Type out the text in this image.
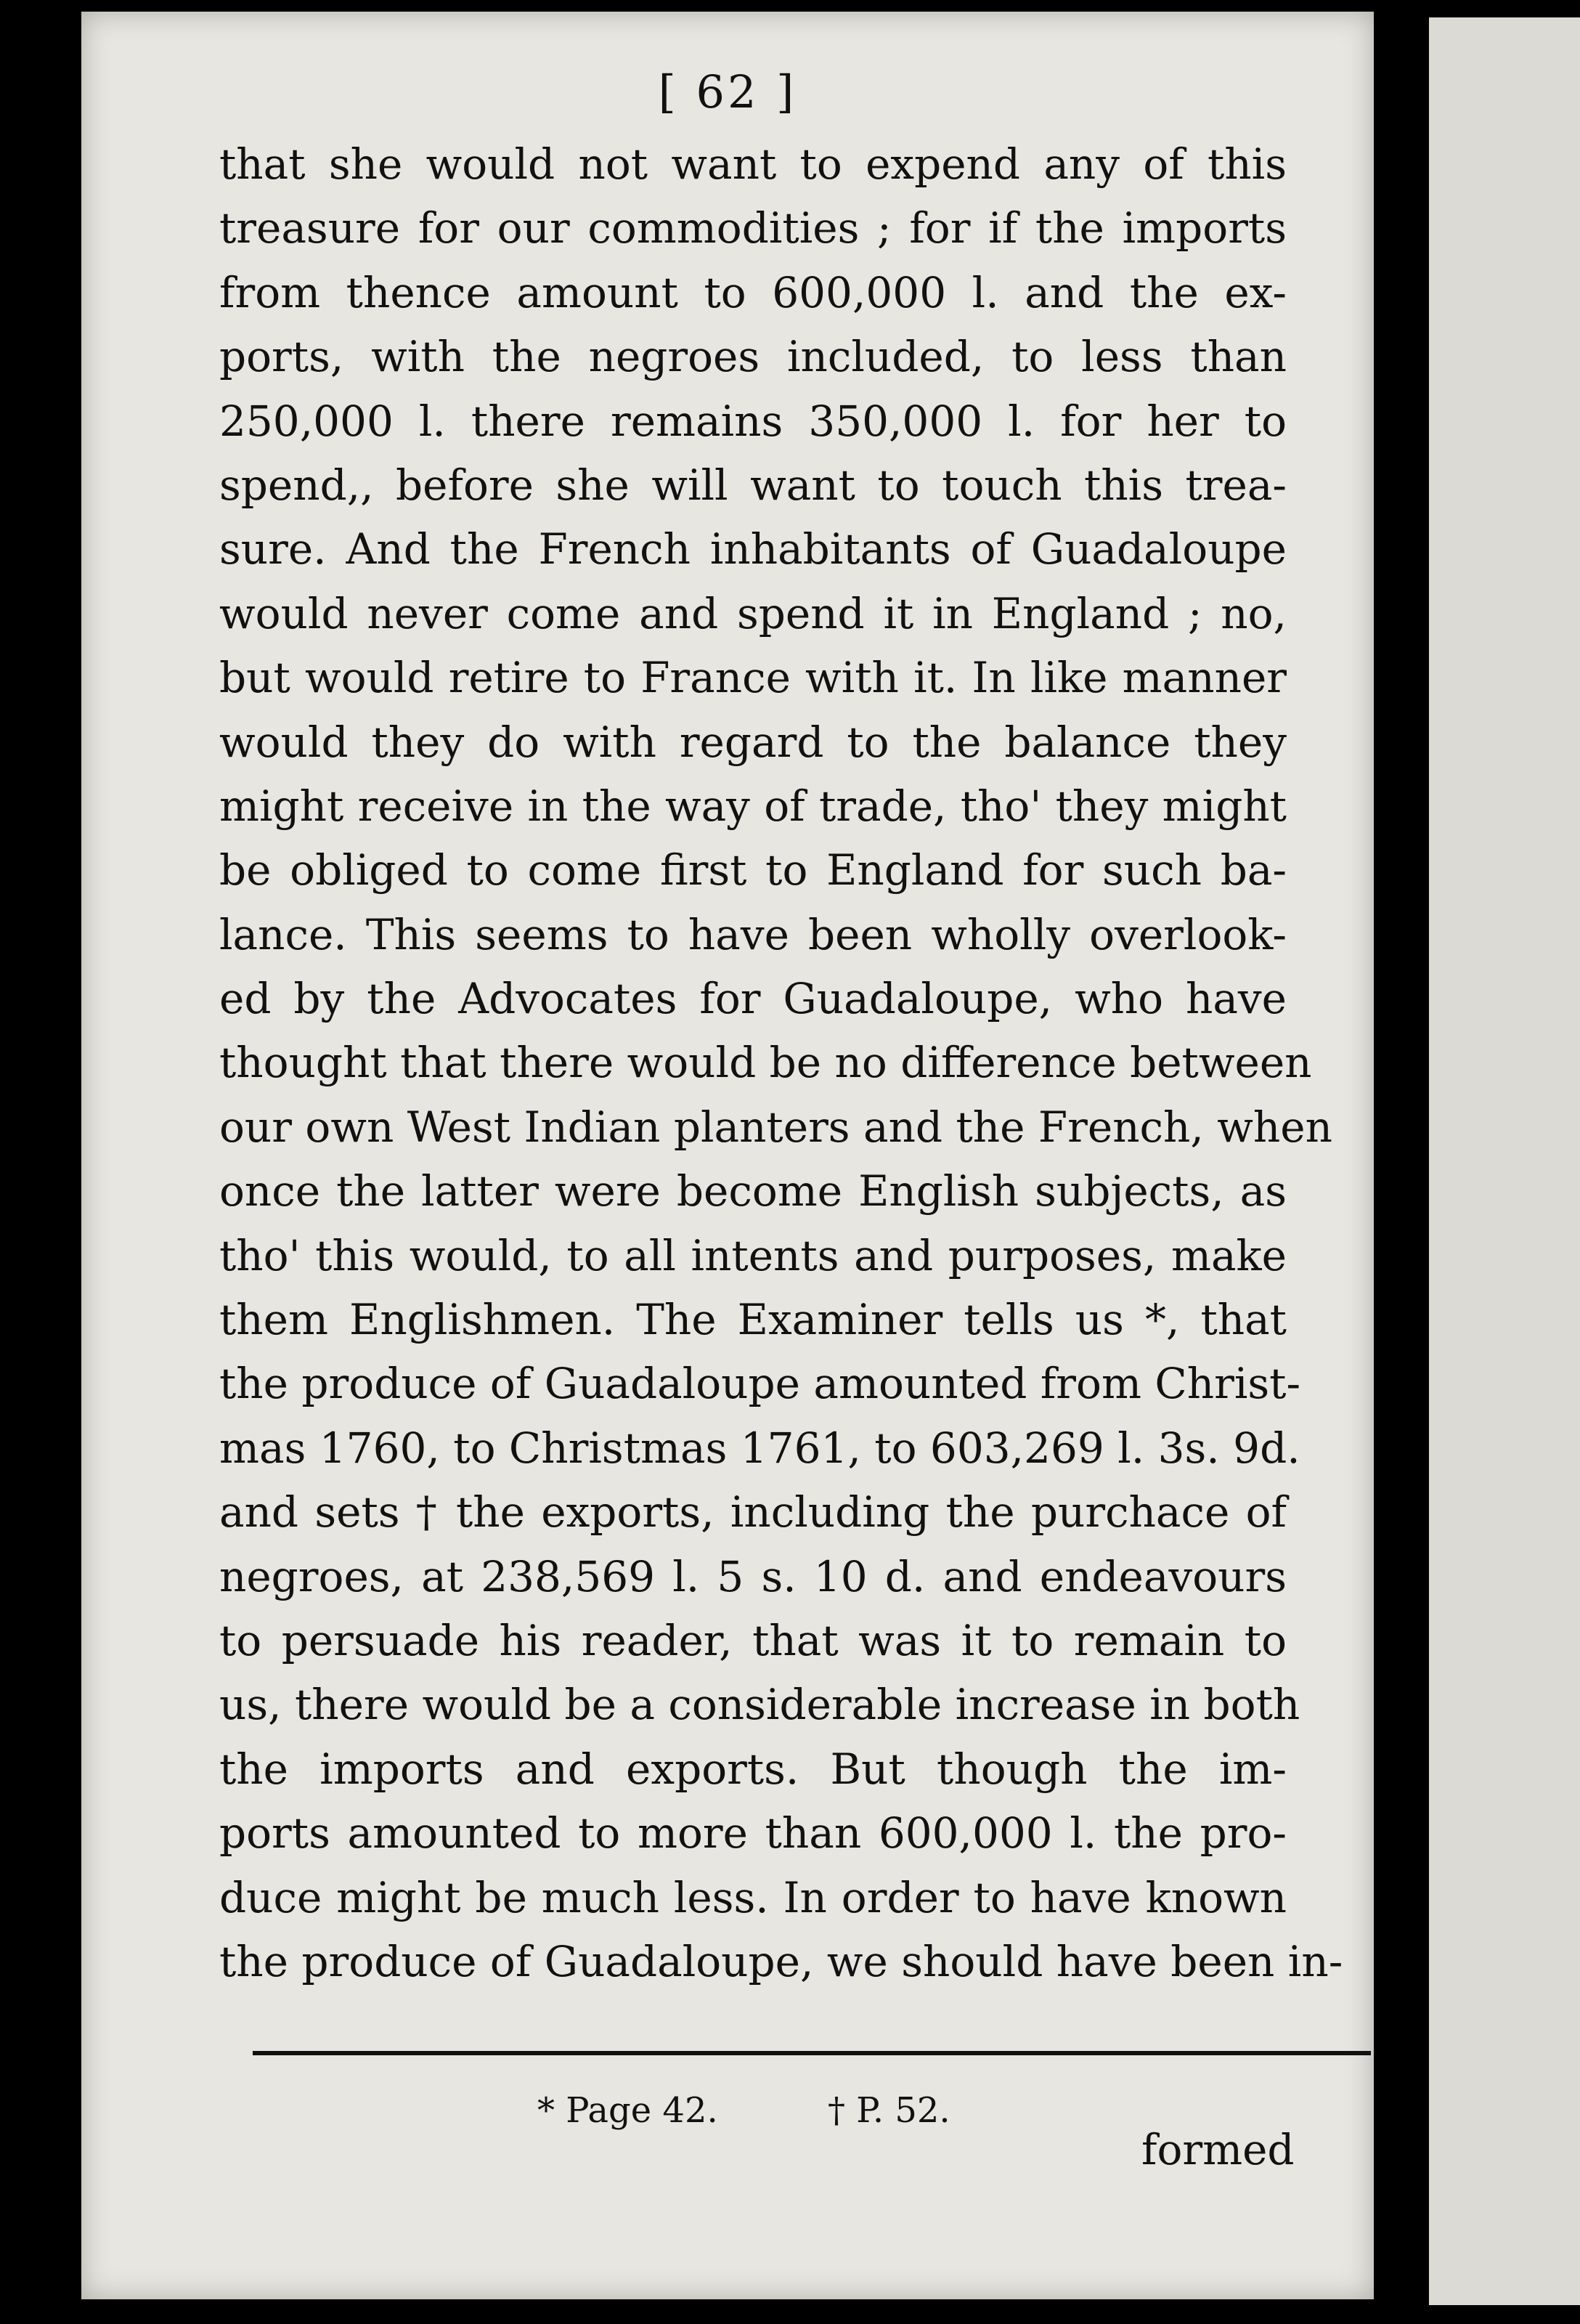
[ 62 ]
that she would not want to expend any of this
treasure for our commodities ; for if the imports
from thence amount to 600,000 l. and the ex-
ports, with the negroes included, to less than
250,000 l. there remains 350,000 l. for her to
spend,, before she will want to touch this trea-
sure. And the French inhabitants of Guadaloupe
would never come and spend it in England ; no,
but would retire to France with it. In like manner
would they do with regard to the balance they
might receive in the way of trade, tho' they might
be obliged to come first to England for such ba-
lance. This seems to have been wholly overlook-
ed by the Advocates for Guadaloupe, who have
thought that there would be no difference between
our own West Indian planters and the French, when
once the latter were become English subjects, as
tho' this would, to all intents and purposes, make
them Englishmen. The Examiner tells us *, that
the produce of Guadaloupe amounted from Christ-
mas 1760, to Christmas 1761, to 603,269 l. 3s. 9d.
and sets † the exports, including the purchace of
negroes, at 238,569 l. 5 s. 10 d. and endeavours
to persuade his reader, that was it to remain to
us, there would be a considerable increase in both
the imports and exports. But though the im-
ports amounted to more than 600,000 l. the pro-
duce might be much less. In order to have known
the produce of Guadaloupe, we should have been in-
* Page 42.	† P. 52.
formed
